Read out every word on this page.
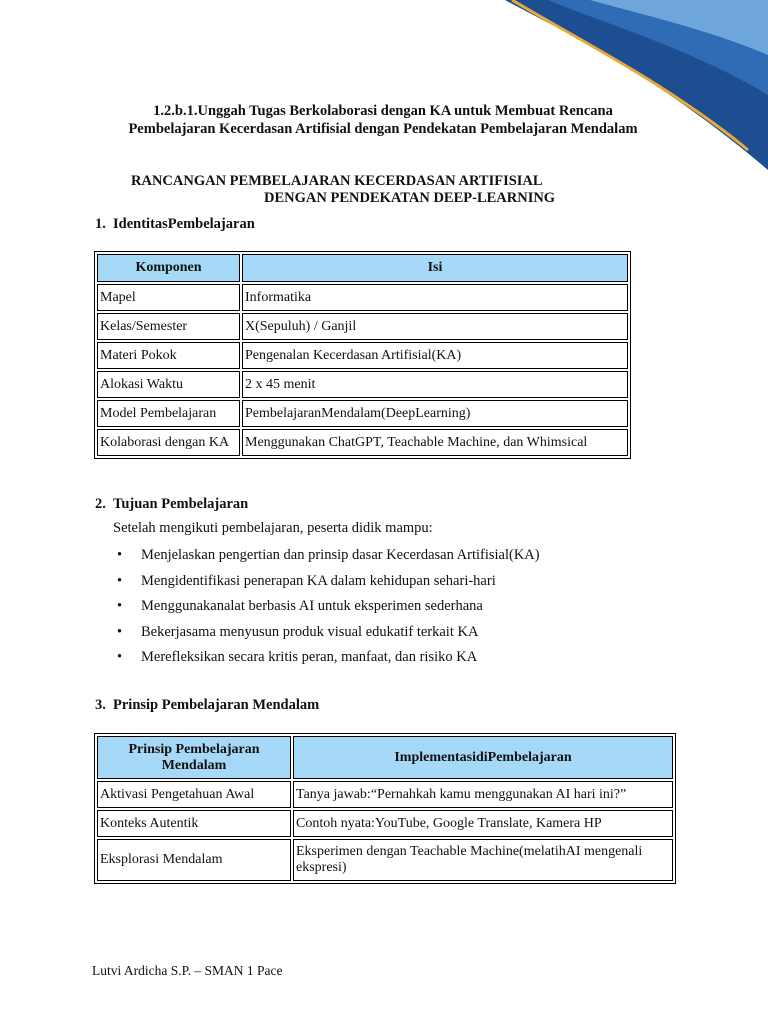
1.2.b.1.Unggah Tugas Berkolaborasi dengan KA untuk Membuat Rencana
Pembelajaran Kecerdasan Artifisial dengan Pendekatan Pembelajaran Mendalam
RANCANGAN PEMBELAJARAN KECERDASAN ARTIFISIAL
DENGAN PENDEKATAN DEEP-LEARNING
1. IdentitasPembelajaran
Komponen	Isi
Mapel	Informatika
Kelas/Semester	X(Sepuluh) / Ganjil
Materi Pokok	Pengenalan Kecerdasan Artifisial(KA)
Alokasi Waktu	2 x 45 menit
Model Pembelajaran	PembelajaranMendalam(DeepLearning)
Kolaborasi dengan KA	Menggunakan ChatGPT, Teachable Machine, dan Whimsical
2. Tujuan Pembelajaran
Setelah mengikuti pembelajaran, peserta didik mampu:
• Menjelaskan pengertian dan prinsip dasar Kecerdasan Artifisial(KA)
• Mengidentifikasi penerapan KA dalam kehidupan sehari-hari
• Menggunakanalat berbasis AI untuk eksperimen sederhana
• Bekerjasama menyusun produk visual edukatif terkait KA
• Merefleksikan secara kritis peran, manfaat, dan risiko KA
3. Prinsip Pembelajaran Mendalam
Prinsip Pembelajaran Mendalam	ImplementasidiPembelajaran
Aktivasi Pengetahuan Awal	Tanya jawab:“Pernahkah kamu menggunakan AI hari ini?”
Konteks Autentik	Contoh nyata:YouTube, Google Translate, Kamera HP
Eksplorasi Mendalam	Eksperimen dengan Teachable Machine(melatihAI mengenali ekspresi)
Lutvi Ardicha S.P. – SMAN 1 Pace
